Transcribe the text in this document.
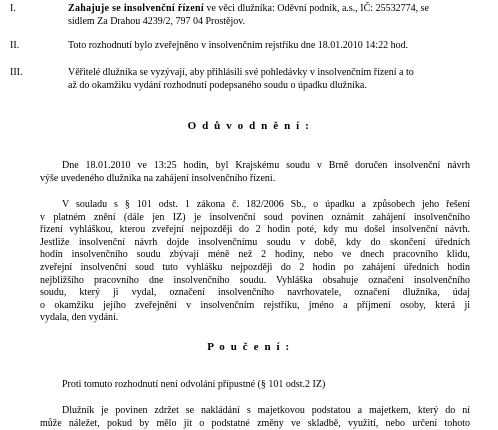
I.	Zahajuje se insolvenční řízení ve věci dlužníka: Oděvní podnik, a.s., IČ: 25532774, se
sídlem Za Drahou 4239/2, 797 04 Prostějov.
II.	Toto rozhodnutí bylo zveřejněno v insolvenčním rejstříku dne 18.01.2010 14:22 hod.
III.	Věřitelé dlužníka se vyzývají, aby přihlásili své pohledávky v insolvenčním řízení a to
až do okamžiku vydání rozhodnutí podepsaného soudu o úpadku dlužníka.
O d ů v o d n ě n í :
Dne 18.01.2010 ve 13:25 hodin, byl Krajskému soudu v Brně doručen insolvenční návrh
výše uvedeného dlužníka na zahájení insolvenčního řízení.
V souladu s § 101 odst. 1 zákona č. 182/2006 Sb., o úpadku a způsobech jeho řešení
v platném znění (dále jen IZ) je insolvenční soud povinen oznámit zahájení insolvenčního
řízení vyhláškou, kterou zveřejní nejpozději do 2 hodin poté, kdy mu došel insolvenční návrh.
Jestliže insolvenční návrh dojde insolvenčnímu soudu v době, kdy do skončení úředních
hodin insolvenčního soudu zbývají méně než 2 hodiny, nebo ve dnech pracovního klidu,
zveřejní insolvenční soud tuto vyhlášku nejpozději do 2 hodin po zahájení úředních hodin
nejbližšího pracovního dne insolvenčního soudu. Vyhláška obsahuje označení insolvenčního
soudu, který ji vydal, označení insolvenčního navrhovatele, označení dlužníka, údaj
o okamžiku jejího zveřejnění v insolvenčním rejstříku, jméno a příjmení osoby, která ji
vydala, den vydání.
P o u č e n í :
Proti tomuto rozhodnutí není odvolání přípustné (§ 101 odst.2 IZ)
Dlužník je povinen zdržet se nakládání s majetkovou podstatou a majetkem, který do ní
může náležet, pokud by mělo jít o podstatné změny ve skladbě, využití, nebo určení tohoto
